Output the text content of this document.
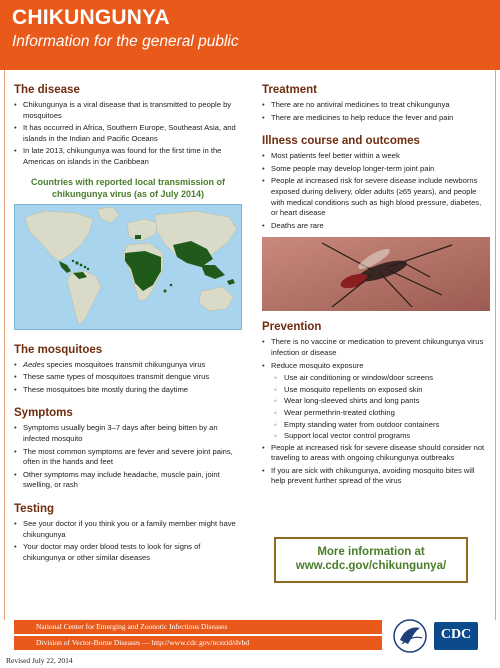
CHIKUNGUNYA
Information for the general public
The disease
• Chikungunya is a viral disease that is transmitted to people by mosquitoes
• It has occurred in Africa, Southern Europe, Southeast Asia, and islands in the Indian and Pacific Oceans
• In late 2013, chikungunya was found for the first time in the Americas on islands in the Caribbean
Countries with reported local transmission of chikungunya virus (as of July 2014)
The mosquitoes
• Aedes species mosquitoes transmit chikungunya virus
• These same types of mosquitoes transmit dengue virus
• These mosquitoes bite mostly during the daytime
Symptoms
• Symptoms usually begin 3–7 days after being bitten by an infected mosquito
• The most common symptoms are fever and severe joint pains, often in the hands and feet
• Other symptoms may include headache, muscle pain, joint swelling, or rash
Testing
• See your doctor if you think you or a family member might have chikungunya
• Your doctor may order blood tests to look for signs of chikungunya or other similar diseases
Treatment
• There are no antiviral medicines to treat chikungunya
• There are medicines to help reduce the fever and pain
Illness course and outcomes
• Most patients feel better within a week
• Some people may develop longer-term joint pain
• People at increased risk for severe disease include newborns exposed during delivery, older adults (≥65 years), and people with medical conditions such as high blood pressure, diabetes, or heart disease
• Deaths are rare
Prevention
• There is no vaccine or medication to prevent chikungunya virus infection or disease
• Reduce mosquito exposure
◦ Use air conditioning or window/door screens
◦ Use mosquito repellents on exposed skin
◦ Wear long-sleeved shirts and long pants
◦ Wear permethrin-treated clothing
◦ Empty standing water from outdoor containers
◦ Support local vector control programs
• People at increased risk for severe disease should consider not traveling to areas with ongoing chikungunya outbreaks
• If you are sick with chikungunya, avoiding mosquito bites will help prevent further spread of the virus
More information at
www.cdc.gov/chikungunya/
National Center for Emerging and Zoonotic Infectious Diseases
Division of Vector-Borne Diseases — http://www.cdc.gov/ncezid/dvbd
CDC
Revised July 22, 2014
